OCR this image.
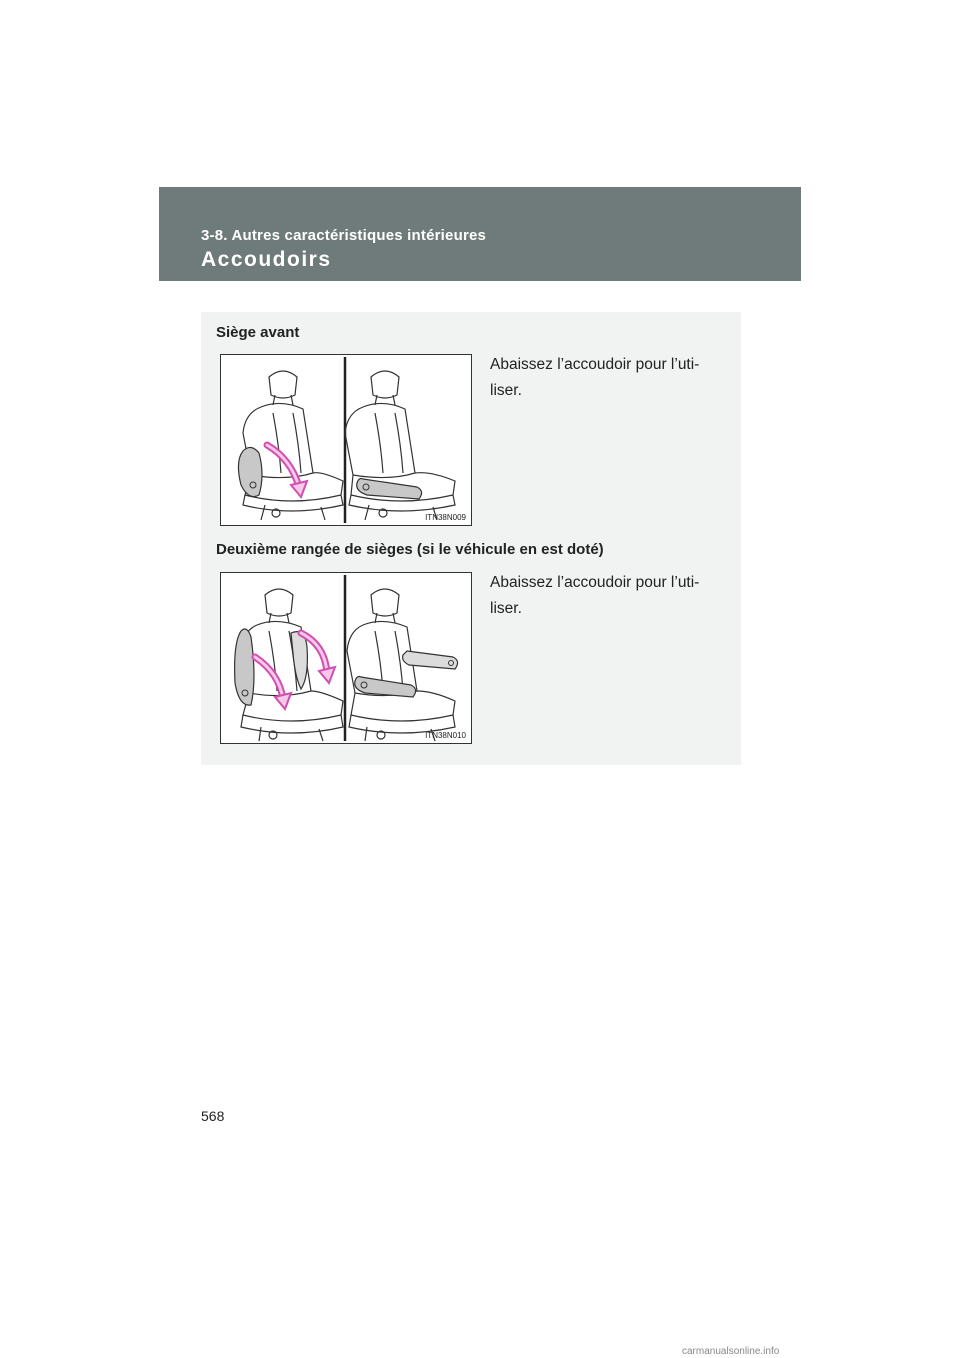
3-8. Autres caractéristiques intérieures
Accoudoirs
Siège avant
ITN38N009
Abaissez l’accoudoir pour l’uti-
liser.
Deuxième rangée de sièges (si le véhicule en est doté)
ITN38N010
Abaissez l’accoudoir pour l’uti-
liser.
568
carmanualsonline.info
